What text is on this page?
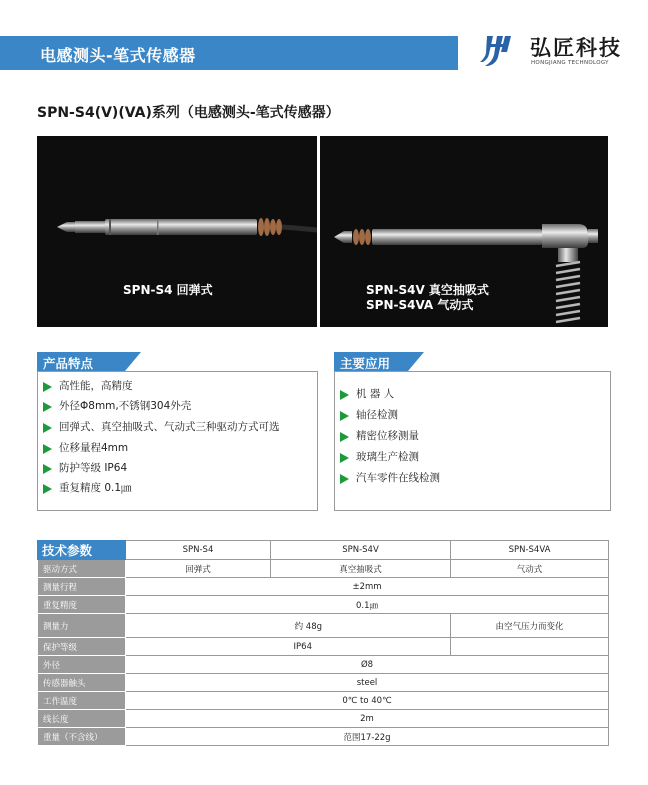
电感测头-笔式传感器	弘匠科技
HONGJIANG TECHNOLOGY
SPN-S4(V)(VA)系列（电感测头-笔式传感器）
SPN-S4 回弹式	SPN-S4V 真空抽吸式
SPN-S4VA 气动式
产品特点
高性能，高精度
外径Φ8mm,不锈钢304外壳
回弹式、真空抽吸式、气动式三种驱动方式可选
位移量程4mm
防护等级 IP64
重复精度 0.1㎛
主要应用
机 器 人
轴径检测
精密位移测量
玻璃生产检测
汽车零件在线检测
技术参数	SPN-S4	SPN-S4V	SPN-S4VA
驱动方式	回弹式	真空抽吸式	气动式
测量行程	±2mm		
重复精度	0.1㎛		
测量力	约 48g		由空气压力而变化
保护等级	IP64		
外径	Ø8		
传感器触头	steel		
工作温度	0℃ to 40℃		
线长度	2m		
重量（不含线）	范围17-22g		
